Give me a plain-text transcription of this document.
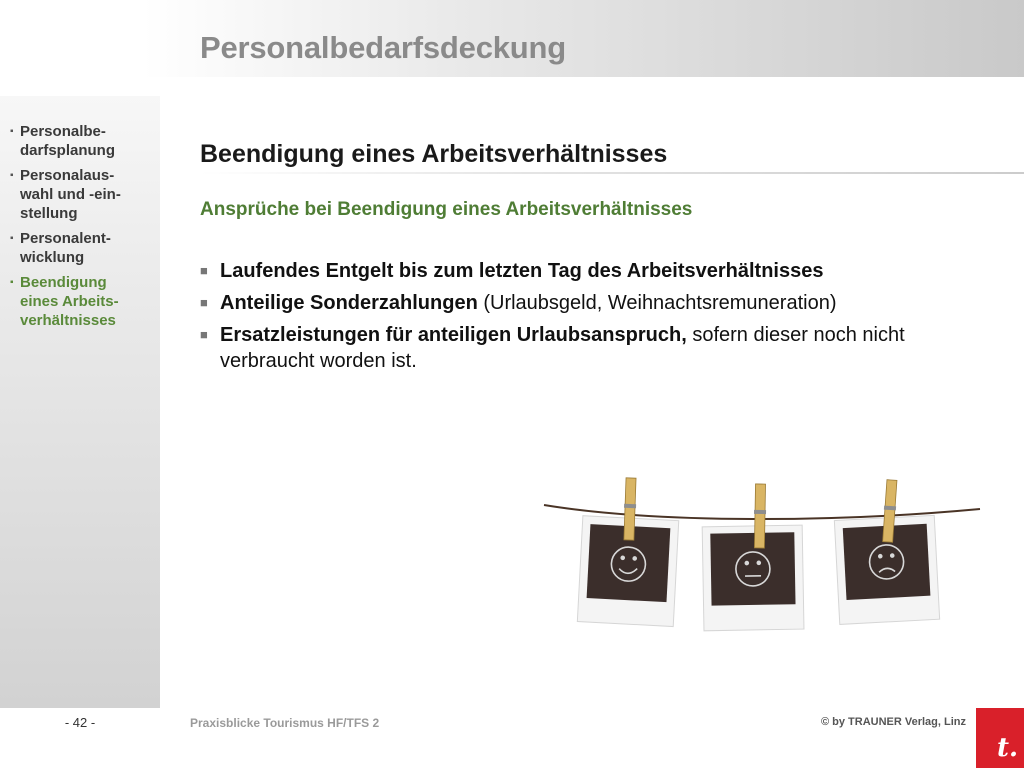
Personalbedarfsdeckung
▪ Personalbe-
darfsplanung
▪ Personalaus-
wahl und -ein-
stellung
▪ Personalent-
wicklung
▪ Beendigung
eines Arbeits-
verhältnisses
Beendigung eines Arbeitsverhältnisses
Ansprüche bei Beendigung eines Arbeitsverhältnisses
■ Laufendes Entgelt bis zum letzten Tag des Arbeitsverhältnisses
■ Anteilige Sonderzahlungen (Urlaubsgeld, Weihnachtsremuneration)
■ Ersatzleistungen für anteiligen Urlaubsanspruch, sofern dieser noch nicht verbraucht worden ist.
- 42 -	Praxisblicke Tourismus HF/TFS 2	© by TRAUNER Verlag, Linz
t.
